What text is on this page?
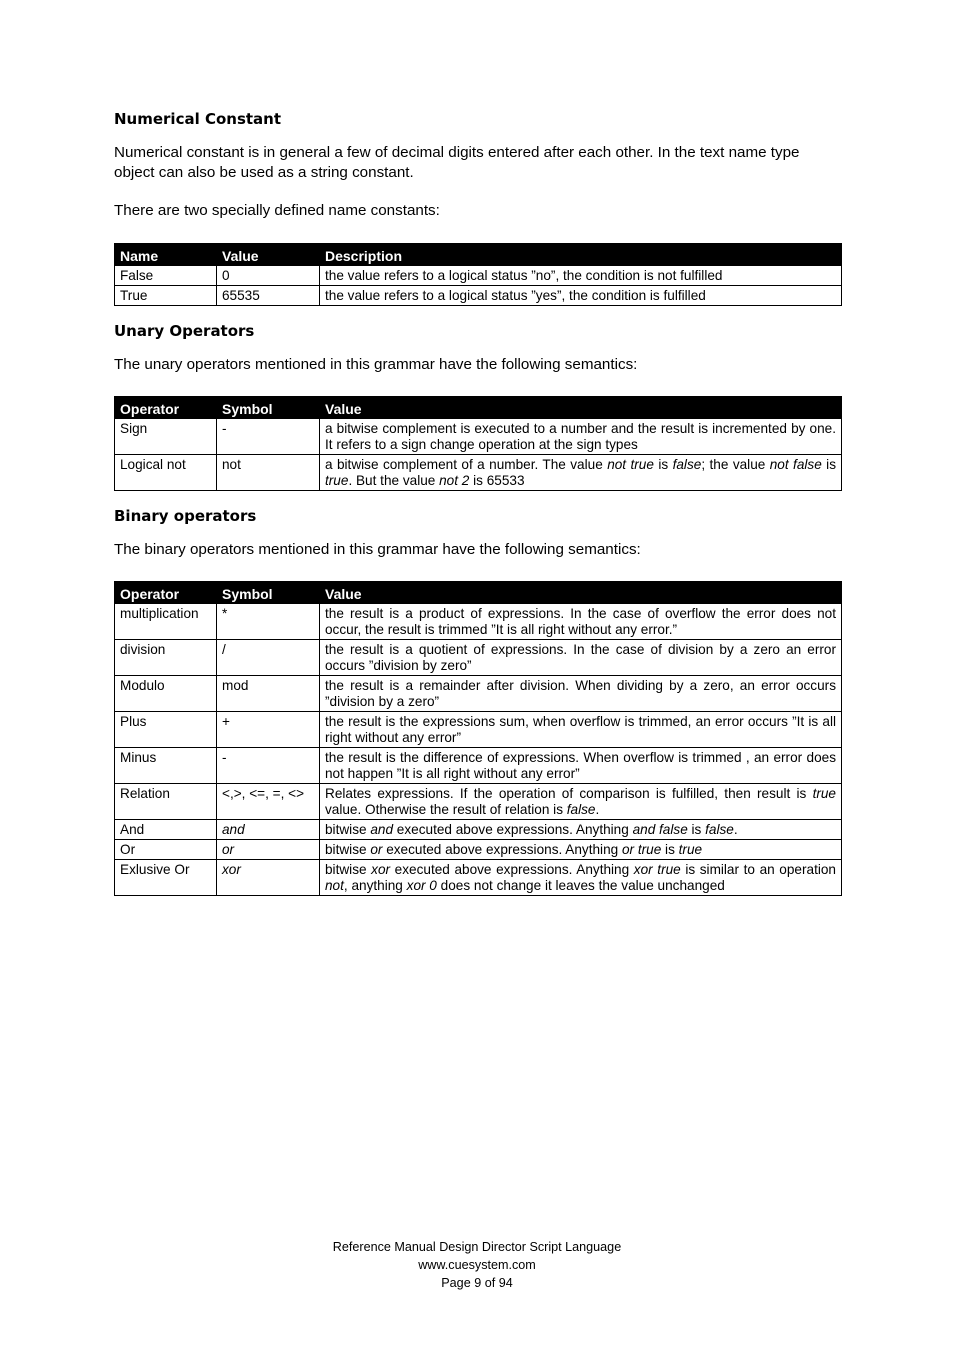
Numerical Constant

Numerical constant is in general a few of decimal digits entered after each other. In the text name type object can also be used as a string constant.

There are two specially defined name constants:

Name	Value	Description
False	0	the value refers to a logical status ”no”, the condition is not fulfilled
True	65535	the value refers to a logical status ”yes”, the condition is fulfilled
Unary Operators

The unary operators mentioned in this grammar have the following semantics:

Operator	Symbol	Value
Sign	-	a bitwise complement is executed to a number and the result is incremented by one. It refers to a sign change operation at the sign types
Logical not	not	a bitwise complement of a number. The value not true is false; the value not false is true. But the value not 2 is 65533
Binary operators

The binary operators mentioned in this grammar have the following semantics:

Operator	Symbol	Value
multiplication	*	the result is a product of expressions. In the case of overflow the error does not occur, the result is trimmed ”It is all right without any error.”
division	/	the result is a quotient of expressions. In the case of division by a zero an error occurs ”division by zero”
Modulo	mod	the result is a remainder after division. When dividing by a zero, an error occurs ”division by a zero”
Plus	+	the result is the expressions sum, when overflow is trimmed, an error occurs ”It is all right without any error”
Minus	-	the result is the difference of expressions. When overflow is trimmed , an error does not happen ”It is all right without any error”
Relation	<,>, <=, =, <>	Relates expressions. If the operation of comparison is fulfilled, then result is true value. Otherwise the result of relation is false.
And	and	bitwise and executed above expressions. Anything and false is false.
Or	or	bitwise or executed above expressions. Anything or true is true
Exlusive Or	xor	bitwise xor executed above expressions. Anything xor true is similar to an operation not, anything xor 0 does not change it leaves the value unchanged
Reference Manual Design Director Script Language
www.cuesystem.com
Page 9 of 94
